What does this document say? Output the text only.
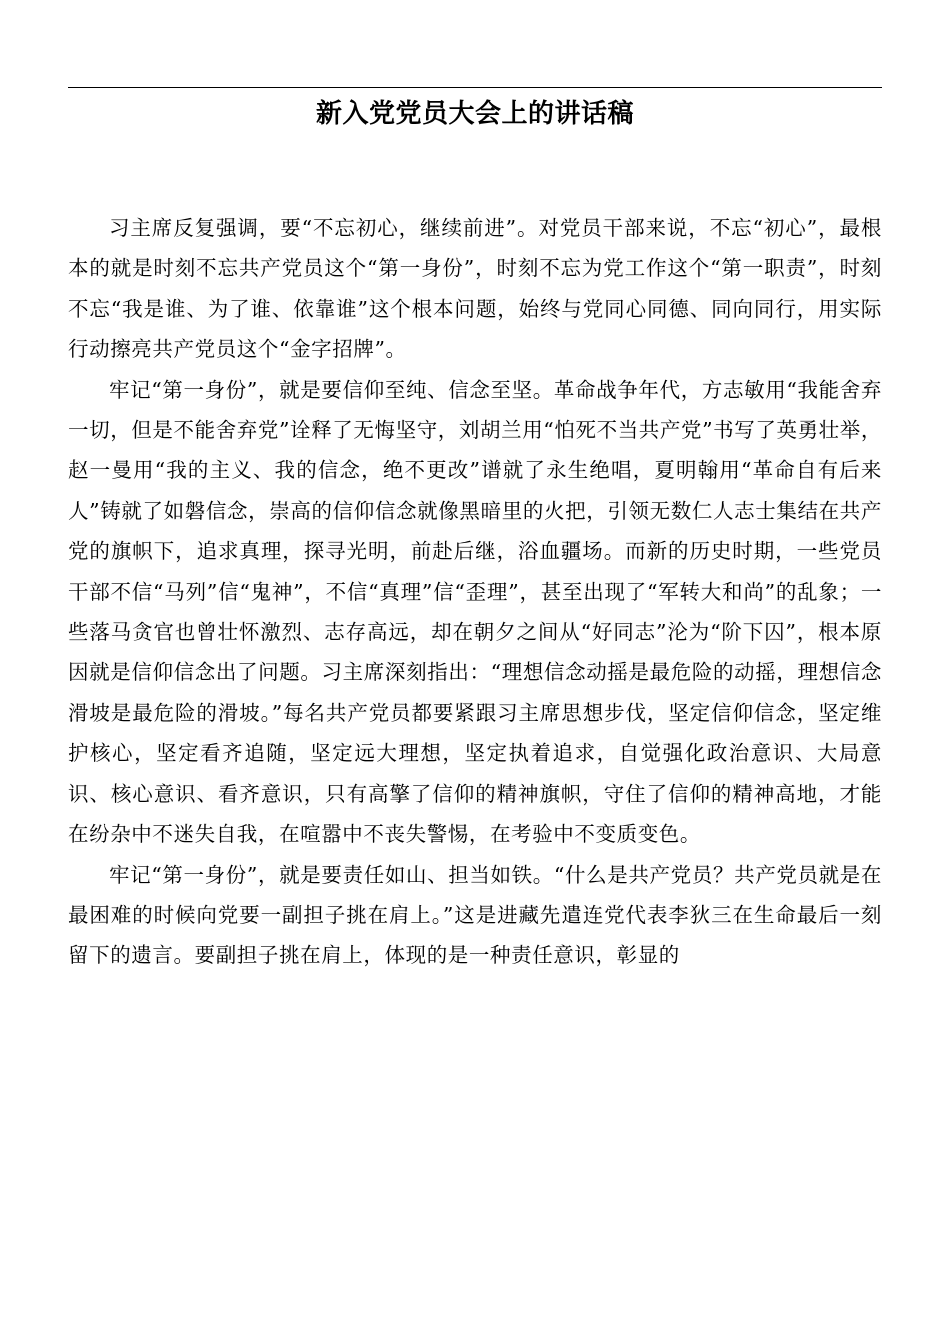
新入党党员大会上的讲话稿

习主席反复强调，要“不忘初心，继续前进”。对党员干部来说，不忘“初心”，最根本的就是时刻不忘共产党员这个“第一身份”，时刻不忘为党工作这个“第一职责”，时刻不忘“我是谁、为了谁、依靠谁”这个根本问题，始终与党同心同德、同向同行，用实际行动擦亮共产党员这个“金字招牌”。

牢记“第一身份”，就是要信仰至纯、信念至坚。革命战争年代，方志敏用“我能舍弃一切，但是不能舍弃党”诠释了无悔坚守，刘胡兰用“怕死不当共产党”书写了英勇壮举，赵一曼用“我的主义、我的信念，绝不更改”谱就了永生绝唱，夏明翰用“革命自有后来人”铸就了如磐信念，崇高的信仰信念就像黑暗里的火把，引领无数仁人志士集结在共产党的旗帜下，追求真理，探寻光明，前赴后继，浴血疆场。而新的历史时期，一些党员干部不信“马列”信“鬼神”，不信“真理”信“歪理”，甚至出现了“军转大和尚”的乱象；一些落马贪官也曾壮怀激烈、志存高远，却在朝夕之间从“好同志”沦为“阶下囚”，根本原因就是信仰信念出了问题。习主席深刻指出：“理想信念动摇是最危险的动摇，理想信念滑坡是最危险的滑坡。”每名共产党员都要紧跟习主席思想步伐，坚定信仰信念，坚定维护核心，坚定看齐追随，坚定远大理想，坚定执着追求，自觉强化政治意识、大局意识、核心意识、看齐意识，只有高擎了信仰的精神旗帜，守住了信仰的精神高地，才能在纷杂中不迷失自我，在喧嚣中不丧失警惕，在考验中不变质变色。

牢记“第一身份”，就是要责任如山、担当如铁。“什么是共产党员？共产党员就是在最困难的时候向党要一副担子挑在肩上。”这是进藏先遣连党代表李狄三在生命最后一刻留下的遗言。要副担子挑在肩上，体现的是一种责任意识，彰显的
